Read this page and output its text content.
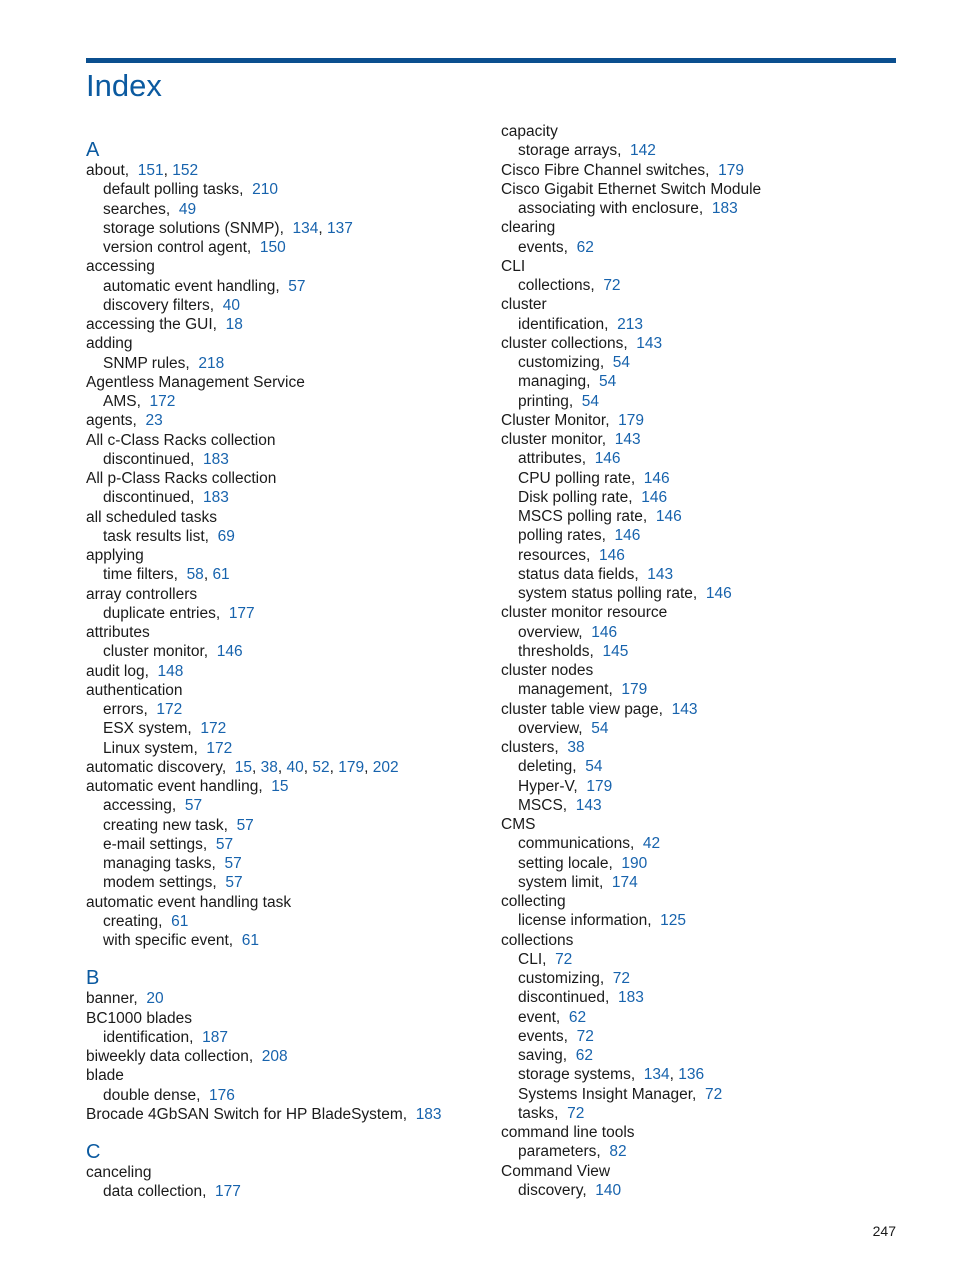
Index
A
about, 151, 152
default polling tasks, 210
searches, 49
storage solutions (SNMP), 134, 137
version control agent, 150
accessing
automatic event handling, 57
discovery filters, 40
accessing the GUI, 18
adding
SNMP rules, 218
Agentless Management Service
AMS, 172
agents, 23
All c-Class Racks collection
discontinued, 183
All p-Class Racks collection
discontinued, 183
all scheduled tasks
task results list, 69
applying
time filters, 58, 61
array controllers
duplicate entries, 177
attributes
cluster monitor, 146
audit log, 148
authentication
errors, 172
ESX system, 172
Linux system, 172
automatic discovery, 15, 38, 40, 52, 179, 202
automatic event handling, 15
accessing, 57
creating new task, 57
e-mail settings, 57
managing tasks, 57
modem settings, 57
automatic event handling task
creating, 61
with specific event, 61
B
banner, 20
BC1000 blades
identification, 187
biweekly data collection, 208
blade
double dense, 176
Brocade 4GbSAN Switch for HP BladeSystem, 183
C
canceling
data collection, 177
capacity
storage arrays, 142
Cisco Fibre Channel switches, 179
Cisco Gigabit Ethernet Switch Module
associating with enclosure, 183
clearing
events, 62
CLI
collections, 72
cluster
identification, 213
cluster collections, 143
customizing, 54
managing, 54
printing, 54
Cluster Monitor, 179
cluster monitor, 143
attributes, 146
CPU polling rate, 146
Disk polling rate, 146
MSCS polling rate, 146
polling rates, 146
resources, 146
status data fields, 143
system status polling rate, 146
cluster monitor resource
overview, 146
thresholds, 145
cluster nodes
management, 179
cluster table view page, 143
overview, 54
clusters, 38
deleting, 54
Hyper-V, 179
MSCS, 143
CMS
communications, 42
setting locale, 190
system limit, 174
collecting
license information, 125
collections
CLI, 72
customizing, 72
discontinued, 183
event, 62
events, 72
saving, 62
storage systems, 134, 136
Systems Insight Manager, 72
tasks, 72
command line tools
parameters, 82
Command View
discovery, 140
247
